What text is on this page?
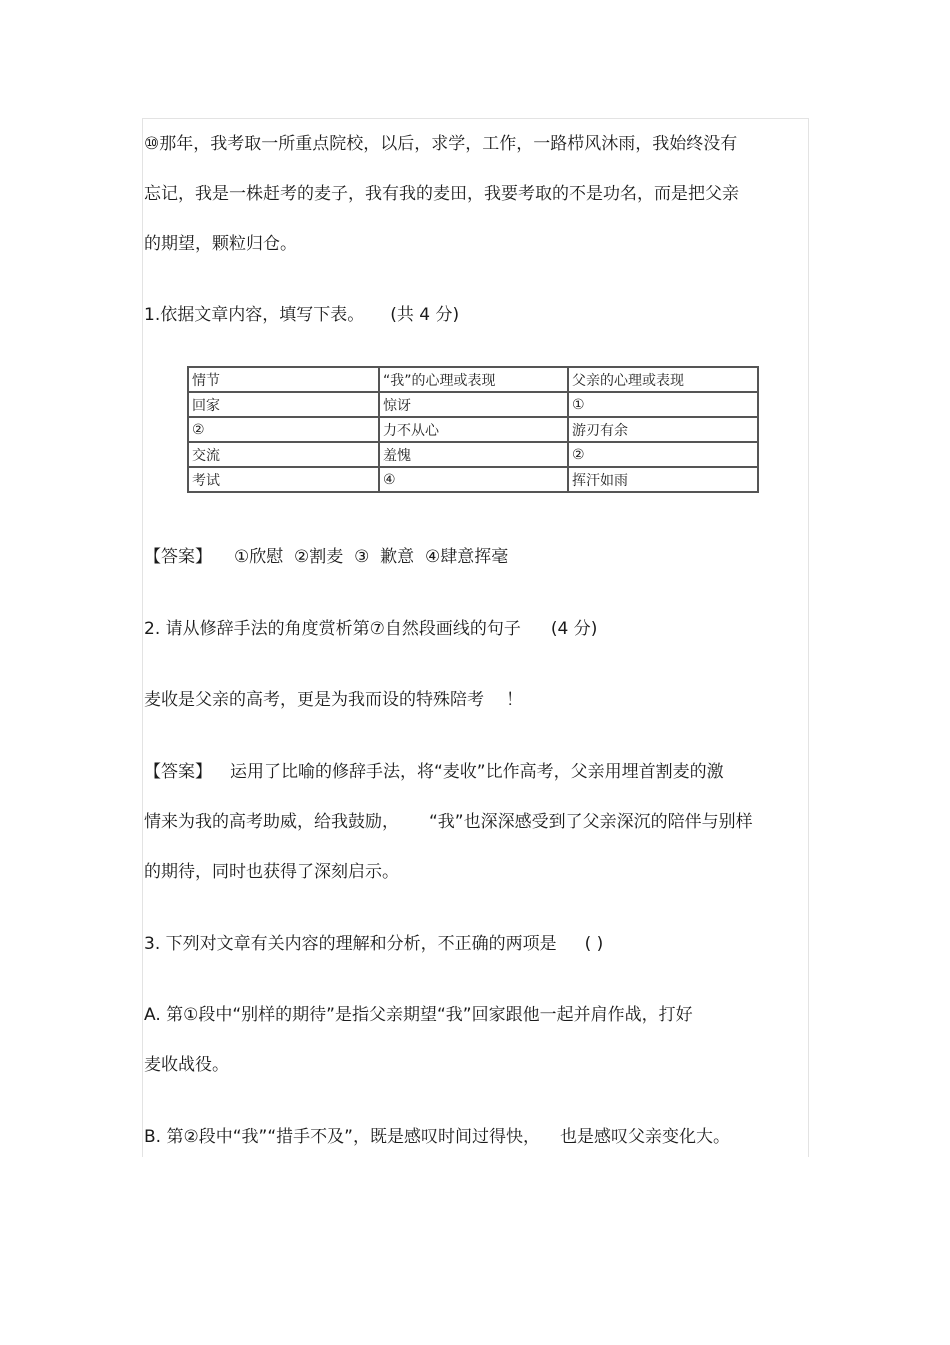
⑩那年，我考取一所重点院校，以后，求学，工作，一路栉风沐雨，我始终没有
忘记，我是一株赶考的麦子，我有我的麦田，我要考取的不是功名，而是把父亲
的期望，颗粒归仓。
1.依据文章内容，填写下表。 (共 4 分)
情节	“我”的心理或表现	父亲的心理或表现
回家	惊讶	①
②	力不从心	游刃有余
交流	羞愧	②
考试	④	挥汗如雨
【答案】 ①欣慰  ②割麦  ③  歉意  ④肆意挥毫
2. 请从修辞手法的角度赏析第⑦自然段画线的句子 (4 分)
麦收是父亲的高考，更是为我而设的特殊陪考 ！
【答案】 运用了比喻的修辞手法，将“麦收”比作高考，父亲用埋首割麦的激
情来为我的高考助威，给我鼓励， “我”也深深感受到了父亲深沉的陪伴与别样
的期待，同时也获得了深刻启示。
3. 下列对文章有关内容的理解和分析，不正确的两项是 ( )
A. 第①段中“别样的期待”是指父亲期望“我”回家跟他一起并肩作战，打好
麦收战役。
B. 第②段中“我”“措手不及”，既是感叹时间过得快， 也是感叹父亲变化大。
